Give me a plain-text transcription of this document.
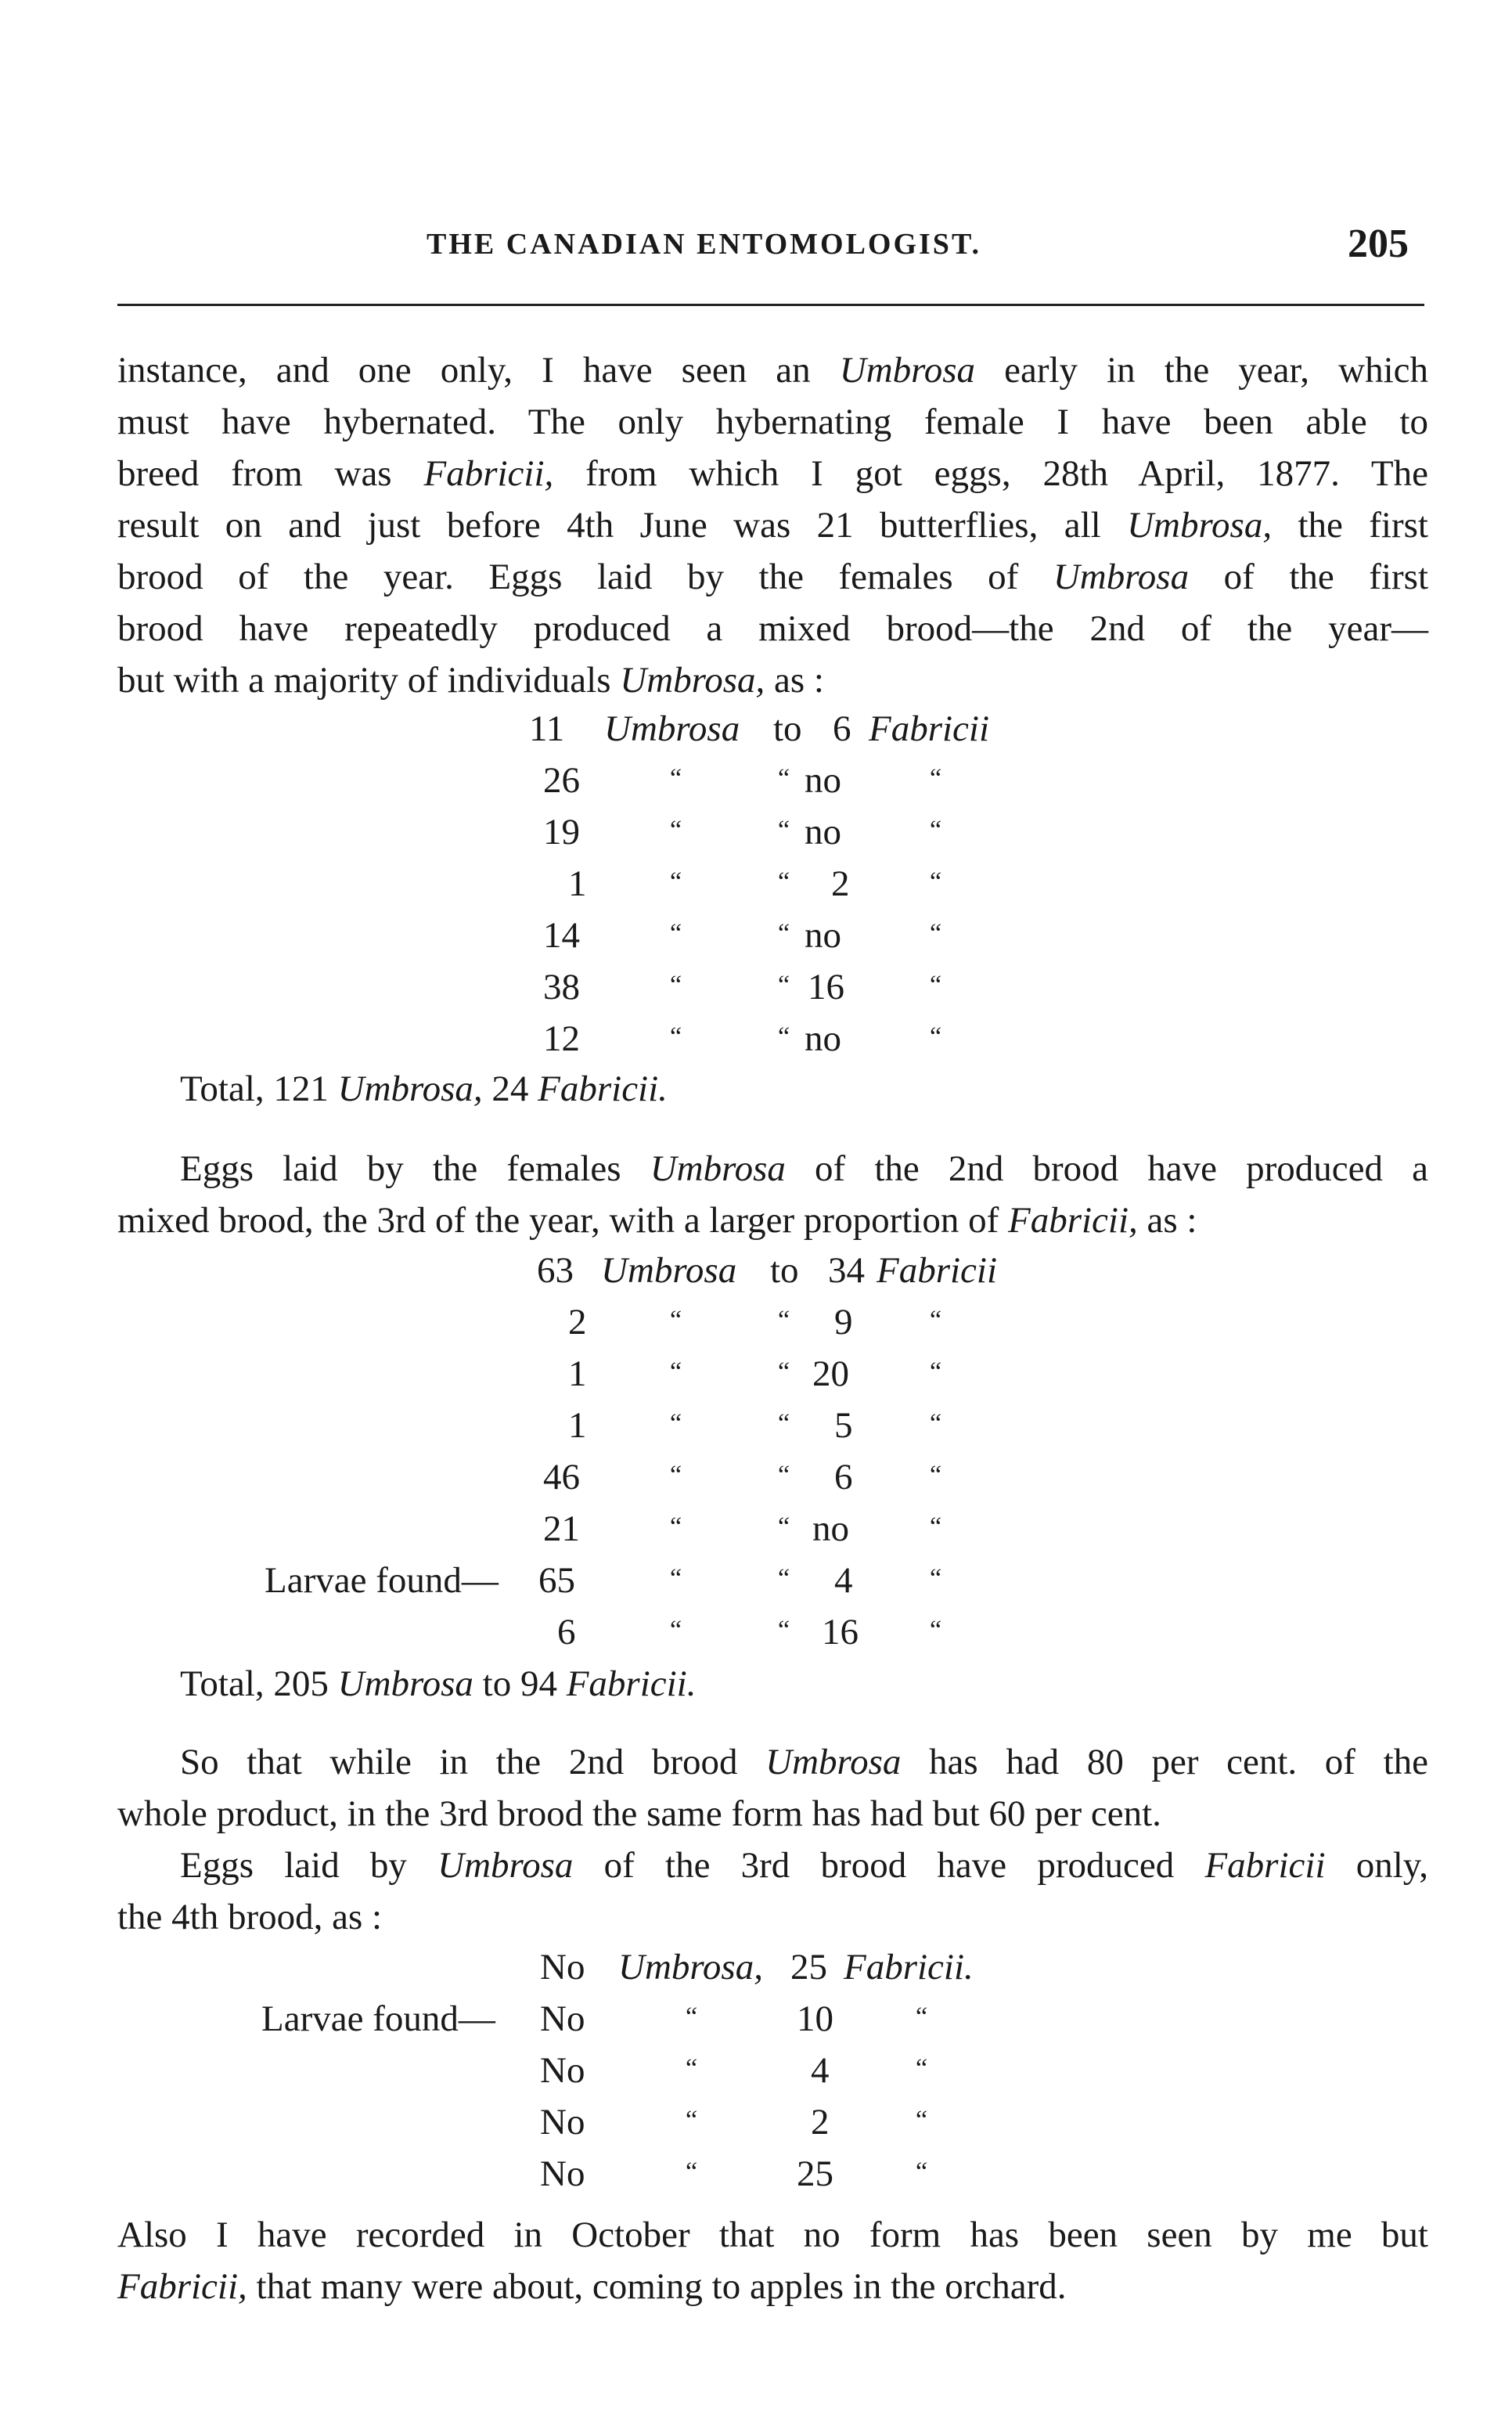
THE CANADIAN ENTOMOLOGIST.	205
instance, and one only, I have seen an Umbrosa early in the year, which
must have hybernated. The only hybernating female I have been able to
breed from was Fabricii, from which I got eggs, 28th April, 1877. The
result on and just before 4th June was 21 butterflies, all Umbrosa, the first
brood of the year. Eggs laid by the females of Umbrosa of the first
brood have repeatedly produced a mixed brood—the 2nd of the year—
but with a majority of individuals Umbrosa, as :
11 Umbrosa to 6 Fabricii
26	“	“ no	“
19	“	“ no	“
1	“	“ 2	“
14	“	“ no	“
38	“	“ 16	“
12	“	“ no	“
Total, 121 Umbrosa, 24 Fabricii.
Eggs laid by the females Umbrosa of the 2nd brood have produced a
mixed brood, the 3rd of the year, with a larger proportion of Fabricii, as :
63 Umbrosa to 34 Fabricii
2	“	“ 9	“
1	“	“ 20	“
1	“	“ 5	“
46	“	“ 6	“
21	“	“ no	“
Larvae found— 65	“	“ 4	“
6	“	“ 16	“
Total, 205 Umbrosa to 94 Fabricii.
So that while in the 2nd brood Umbrosa has had 80 per cent. of the
whole product, in the 3rd brood the same form has had but 60 per cent.
Eggs laid by Umbrosa of the 3rd brood have produced Fabricii only,
the 4th brood, as :
No Umbrosa, 25 Fabricii.
Larvae found— No	“	10	“
No	“	4	“
No	“	2	“
No	“	25	“
Also I have recorded in October that no form has been seen by me but
Fabricii, that many were about, coming to apples in the orchard.
